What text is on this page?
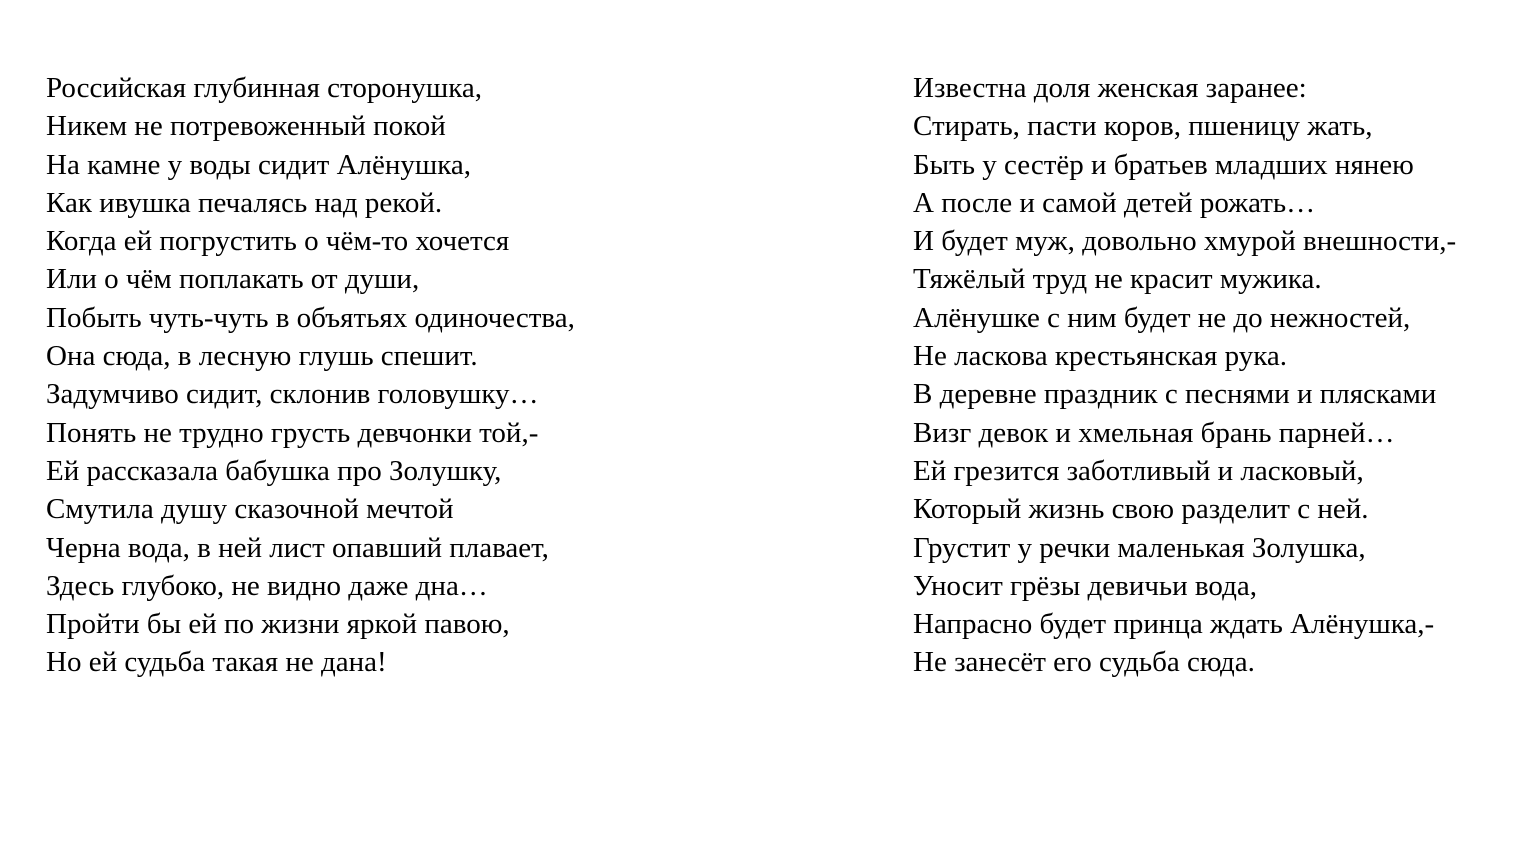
Российская глубинная сторонушка,
Никем не потревоженный покой
На камне у воды сидит Алёнушка,
Как ивушка печалясь над рекой.
Когда ей погрустить о чём-то хочется
Или о чём поплакать от души,
Побыть чуть-чуть в объятьях одиночества,
Она сюда, в лесную глушь спешит.
Задумчиво сидит, склонив головушку…
Понять не трудно грусть девчонки той,-
Ей рассказала бабушка про Золушку,
Смутила душу сказочной мечтой
Черна вода, в ней лист опавший плавает,
Здесь глубоко, не видно даже дна…
Пройти бы ей по жизни яркой павою,
Но ей судьба такая не дана!
Известна доля женская заранее:
Стирать, пасти коров, пшеницу жать,
Быть у сестёр и братьев младших нянею
А после и самой детей рожать…
И будет муж, довольно хмурой внешности,-
Тяжёлый труд не красит мужика.
Алёнушке с ним будет не до нежностей,
Не ласкова крестьянская рука.
В деревне праздник с песнями и плясками
Визг девок и хмельная брань парней…
Ей грезится заботливый и ласковый,
Который жизнь свою разделит с ней.
Грустит у речки маленькая Золушка,
Уносит грёзы девичьи вода,
Напрасно будет принца ждать Алёнушка,-
Не занесёт его судьба сюда.
